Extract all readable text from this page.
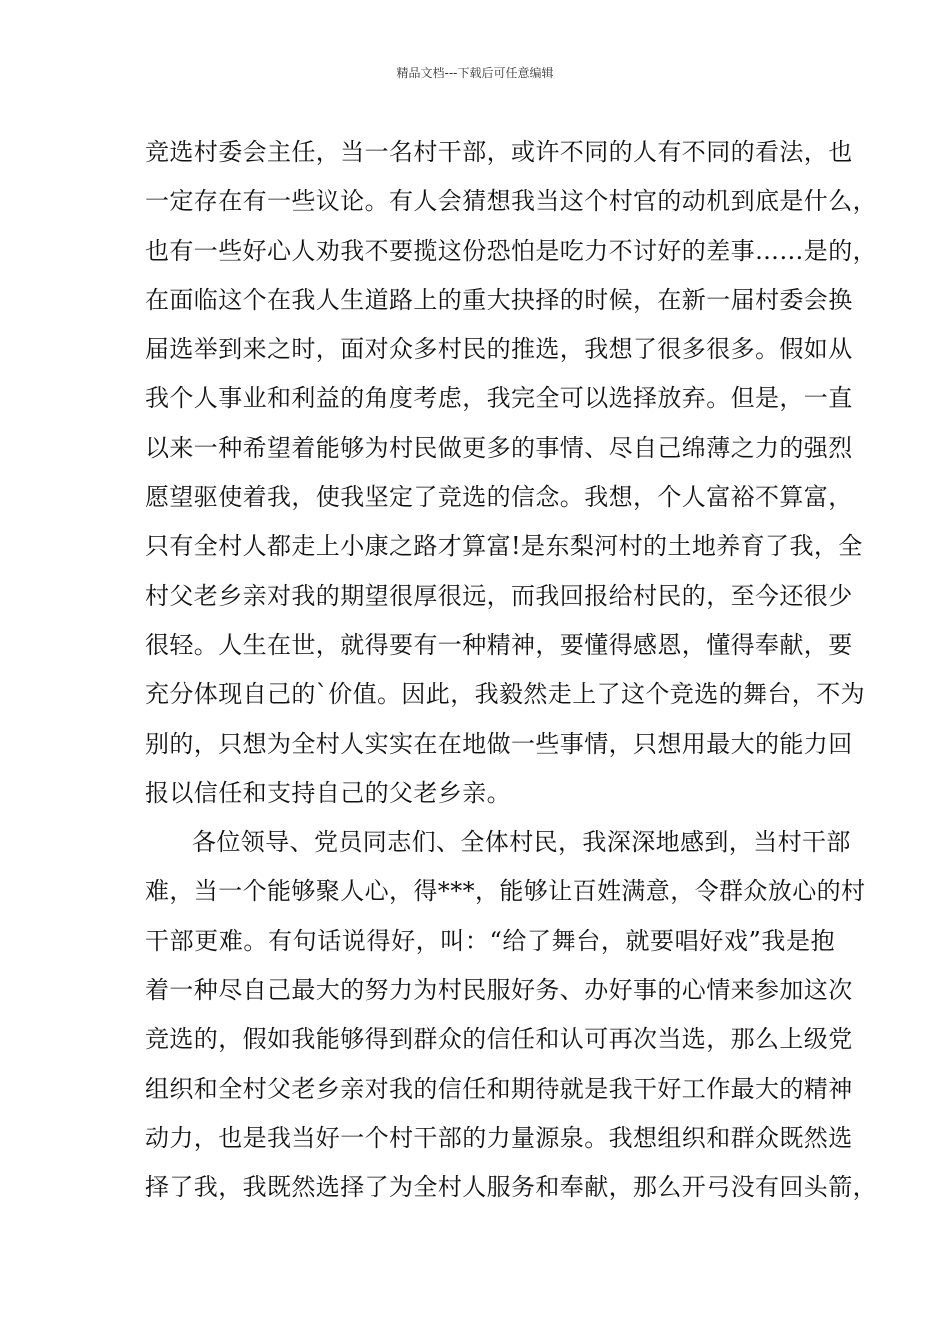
精品文档---下载后可任意编辑
竞选村委会主任，当一名村干部，或许不同的人有不同的看法，也
一定存在有一些议论。有人会猜想我当这个村官的动机到底是什么，
也有一些好心人劝我不要揽这份恐怕是吃力不讨好的差事……是的，
在面临这个在我人生道路上的重大抉择的时候，在新一届村委会换
届选举到来之时，面对众多村民的推选，我想了很多很多。假如从
我个人事业和利益的角度考虑，我完全可以选择放弃。但是，一直
以来一种希望着能够为村民做更多的事情、尽自己绵薄之力的强烈
愿望驱使着我，使我坚定了竞选的信念。我想，个人富裕不算富，
只有全村人都走上小康之路才算富!是东梨河村的土地养育了我，全
村父老乡亲对我的期望很厚很远，而我回报给村民的，至今还很少
很轻。人生在世，就得要有一种精神，要懂得感恩，懂得奉献，要
充分体现自己的`价值。因此，我毅然走上了这个竞选的舞台，不为
别的，只想为全村人实实在在地做一些事情，只想用最大的能力回
报以信任和支持自己的父老乡亲。
各位领导、党员同志们、全体村民，我深深地感到，当村干部
难，当一个能够聚人心，得***，能够让百姓满意，令群众放心的村
干部更难。有句话说得好，叫：“给了舞台，就要唱好戏”我是抱
着一种尽自己最大的努力为村民服好务、办好事的心情来参加这次
竞选的，假如我能够得到群众的信任和认可再次当选，那么上级党
组织和全村父老乡亲对我的信任和期待就是我干好工作最大的精神
动力，也是我当好一个村干部的力量源泉。我想组织和群众既然选
择了我，我既然选择了为全村人服务和奉献，那么开弓没有回头箭，
